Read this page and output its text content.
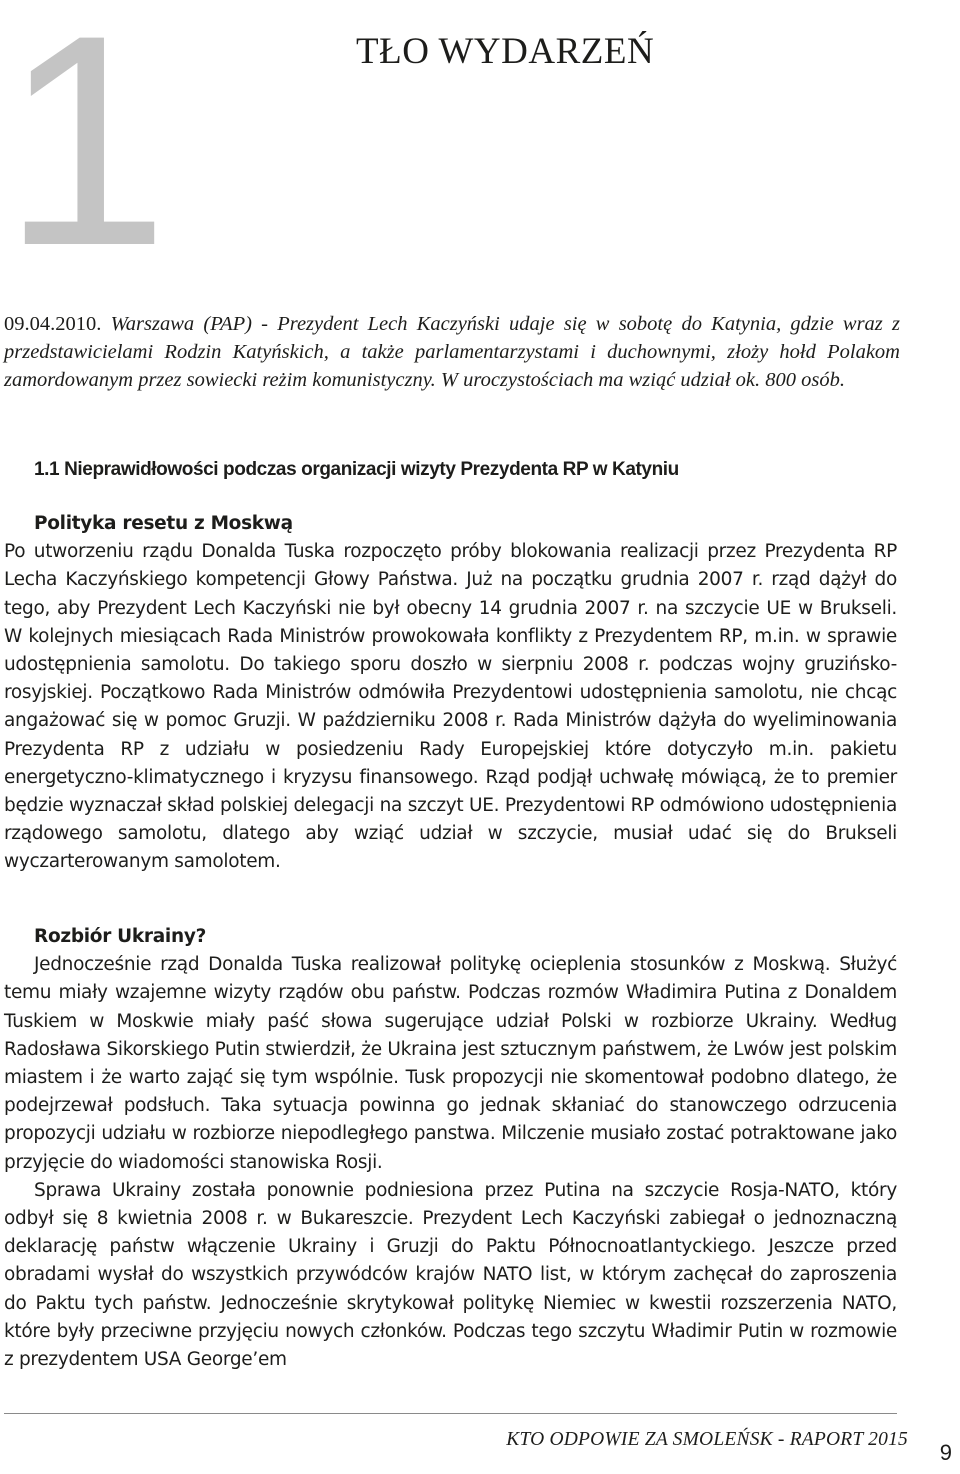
1	TŁO WYDARZEŃ

09.04.2010. Warszawa (PAP) - Prezydent Lech Kaczyński udaje się w sobotę do Katynia, gdzie wraz z przedstawicielami Rodzin Katyńskich, a także parlamentarzystami i duchownymi, złoży hołd Polakom zamordowanym przez sowiecki reżim komunistyczny. W uroczystościach ma wziąć udział ok. 800 osób.

1.1 Nieprawidłowości podczas organizacji wizyty Prezydenta RP w Katyniu
Polityka resetu z Moskwą

Po utworzeniu rządu Donalda Tuska rozpoczęto próby blokowania realizacji przez Prezydenta RP Lecha Kaczyńskiego kompetencji Głowy Państwa. Już na początku grudnia 2007 r. rząd dążył do tego, aby Prezydent Lech Kaczyński nie był obecny 14 grudnia 2007 r. na szczycie UE w Brukseli. W kolejnych miesiącach Rada Ministrów prowokowała konflikty z Prezydentem RP, m.in. w sprawie udostępnienia samolotu. Do takiego sporu doszło w sierpniu 2008 r. podczas wojny gruzińsko-rosyjskiej. Początkowo Rada Ministrów odmówiła Prezydentowi udostępnienia samolotu, nie chcąc angażować się w pomoc Gruzji. W październiku 2008 r. Rada Ministrów dążyła do wyeliminowania Prezydenta RP z udziału w posiedzeniu Rady Europejskiej które dotyczyło m.in. pakietu energetyczno-klimatycznego i kryzysu finansowego. Rząd podjął uchwałę mówiącą, że to premier będzie wyznaczał skład polskiej delegacji na szczyt UE. Prezydentowi RP odmówiono udostępnienia rządowego samolotu, dlatego aby wziąć udział w szczycie, musiał udać się do Brukseli wyczarterowanym samolotem.

Rozbiór Ukrainy?

Jednocześnie rząd Donalda Tuska realizował politykę ocieplenia stosunków z Moskwą. Służyć temu miały wzajemne wizyty rządów obu państw. Podczas rozmów Władimira Putina z Donaldem Tuskiem w Moskwie miały paść słowa sugerujące udział Polski w rozbiorze Ukrainy. Według Radosława Sikorskiego Putin stwierdził, że Ukraina jest sztucznym państwem, że Lwów jest polskim miastem i że warto zająć się tym wspólnie. Tusk propozycji nie skomentował podobno dlatego, że podejrzewał podsłuch. Taka sytuacja powinna go jednak skłaniać do stanowczego odrzucenia propozycji udziału w rozbiorze niepodległego panstwa. Milczenie musiało zostać potraktowane jako przyjęcie do wiadomości stanowiska Rosji.

Sprawa Ukrainy została ponownie podniesiona przez Putina na szczycie Rosja-NATO, który odbył się 8 kwietnia 2008 r. w Bukareszcie. Prezydent Lech Kaczyński zabiegał o jednoznaczną deklarację państw włączenie Ukrainy i Gruzji do Paktu Północnoatlantyckiego. Jeszcze przed obradami wysłał do wszystkich przywódców krajów NATO list, w którym zachęcał do zaproszenia do Paktu tych państw. Jednocześnie skrytykował politykę Niemiec w kwestii rozszerzenia NATO, które były przeciwne przyjęciu nowych członków. Podczas tego szczytu Władimir Putin w rozmowie z prezydentem USA George’em

KTO ODPOWIE ZA SMOLEŃSK - RAPORT 2015
9
